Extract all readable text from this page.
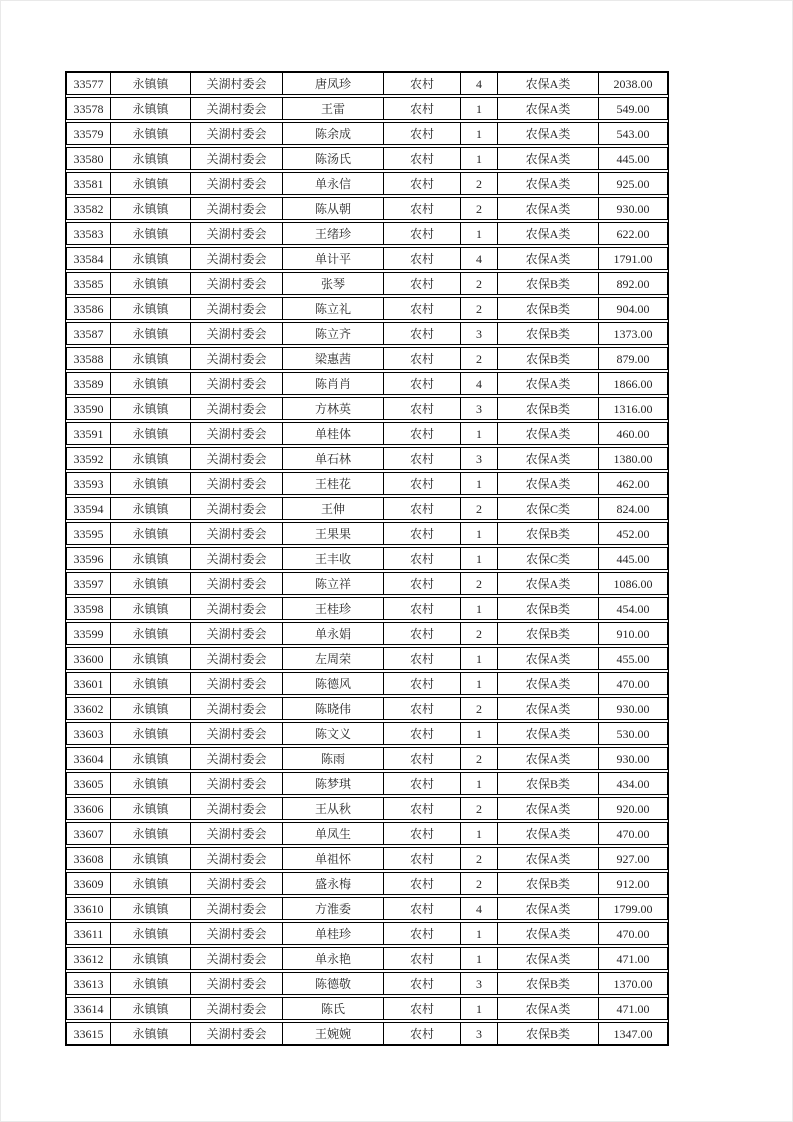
33577	永镇镇	关湖村委会	唐凤珍	农村	4	农保A类	2038.00
33578	永镇镇	关湖村委会	王雷	农村	1	农保A类	549.00
33579	永镇镇	关湖村委会	陈余成	农村	1	农保A类	543.00
33580	永镇镇	关湖村委会	陈汤氏	农村	1	农保A类	445.00
33581	永镇镇	关湖村委会	单永信	农村	2	农保A类	925.00
33582	永镇镇	关湖村委会	陈从朝	农村	2	农保A类	930.00
33583	永镇镇	关湖村委会	王绪珍	农村	1	农保A类	622.00
33584	永镇镇	关湖村委会	单计平	农村	4	农保A类	1791.00
33585	永镇镇	关湖村委会	张琴	农村	2	农保B类	892.00
33586	永镇镇	关湖村委会	陈立礼	农村	2	农保B类	904.00
33587	永镇镇	关湖村委会	陈立齐	农村	3	农保B类	1373.00
33588	永镇镇	关湖村委会	梁惠茜	农村	2	农保B类	879.00
33589	永镇镇	关湖村委会	陈肖肖	农村	4	农保A类	1866.00
33590	永镇镇	关湖村委会	方林英	农村	3	农保B类	1316.00
33591	永镇镇	关湖村委会	单桂体	农村	1	农保A类	460.00
33592	永镇镇	关湖村委会	单石林	农村	3	农保A类	1380.00
33593	永镇镇	关湖村委会	王桂花	农村	1	农保A类	462.00
33594	永镇镇	关湖村委会	王伸	农村	2	农保C类	824.00
33595	永镇镇	关湖村委会	王果果	农村	1	农保B类	452.00
33596	永镇镇	关湖村委会	王丰收	农村	1	农保C类	445.00
33597	永镇镇	关湖村委会	陈立祥	农村	2	农保A类	1086.00
33598	永镇镇	关湖村委会	王桂珍	农村	1	农保B类	454.00
33599	永镇镇	关湖村委会	单永娟	农村	2	农保B类	910.00
33600	永镇镇	关湖村委会	左周荣	农村	1	农保A类	455.00
33601	永镇镇	关湖村委会	陈德风	农村	1	农保A类	470.00
33602	永镇镇	关湖村委会	陈晓伟	农村	2	农保A类	930.00
33603	永镇镇	关湖村委会	陈文义	农村	1	农保A类	530.00
33604	永镇镇	关湖村委会	陈雨	农村	2	农保A类	930.00
33605	永镇镇	关湖村委会	陈梦琪	农村	1	农保B类	434.00
33606	永镇镇	关湖村委会	王从秋	农村	2	农保A类	920.00
33607	永镇镇	关湖村委会	单凤生	农村	1	农保A类	470.00
33608	永镇镇	关湖村委会	单祖怀	农村	2	农保A类	927.00
33609	永镇镇	关湖村委会	盛永梅	农村	2	农保B类	912.00
33610	永镇镇	关湖村委会	方淮委	农村	4	农保A类	1799.00
33611	永镇镇	关湖村委会	单桂珍	农村	1	农保A类	470.00
33612	永镇镇	关湖村委会	单永艳	农村	1	农保A类	471.00
33613	永镇镇	关湖村委会	陈德敬	农村	3	农保B类	1370.00
33614	永镇镇	关湖村委会	陈氏	农村	1	农保A类	471.00
33615	永镇镇	关湖村委会	王婉婉	农村	3	农保B类	1347.00
